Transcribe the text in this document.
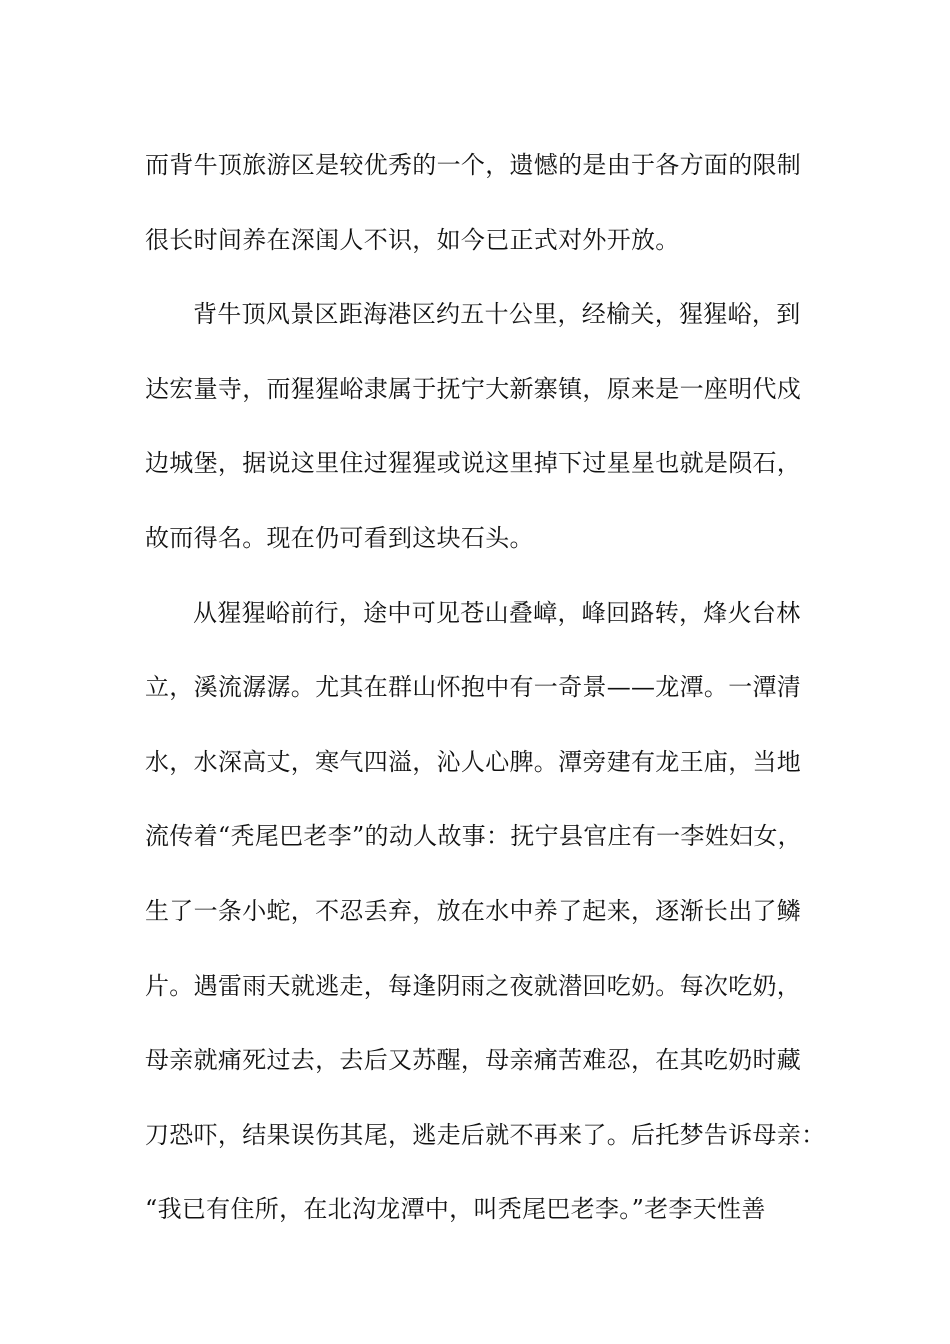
而背牛顶旅游区是较优秀的一个，遗憾的是由于各方面的限制
很长时间养在深闺人不识，如今已正式对外开放。
背牛顶风景区距海港区约五十公里，经榆关，猩猩峪，到
达宏量寺，而猩猩峪隶属于抚宁大新寨镇，原来是一座明代戍
边城堡，据说这里住过猩猩或说这里掉下过星星也就是陨石，
故而得名。现在仍可看到这块石头。
从猩猩峪前行，途中可见苍山叠嶂，峰回路转，烽火台林
立，溪流潺潺。尤其在群山怀抱中有一奇景——龙潭。一潭清
水，水深高丈，寒气四溢，沁人心脾。潭旁建有龙王庙，当地
流传着“秃尾巴老李”的动人故事：抚宁县官庄有一李姓妇女，
生了一条小蛇，不忍丢弃，放在水中养了起来，逐渐长出了鳞
片。遇雷雨天就逃走，每逢阴雨之夜就潜回吃奶。每次吃奶，
母亲就痛死过去，去后又苏醒，母亲痛苦难忍，在其吃奶时藏
刀恐吓，结果误伤其尾，逃走后就不再来了。后托梦告诉母亲：
“我已有住所，在北沟龙潭中，叫秃尾巴老李。”老李天性善
